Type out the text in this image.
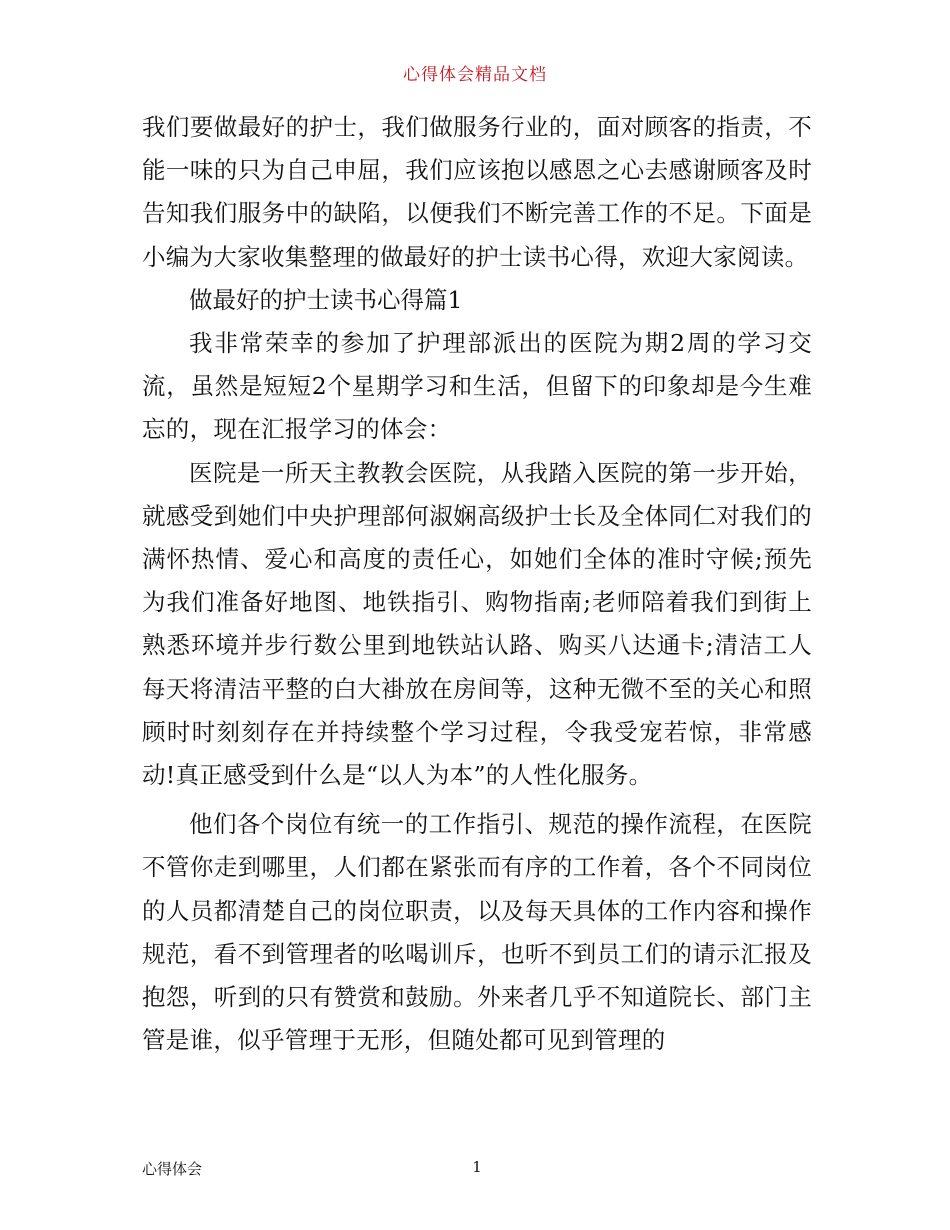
心得体会精品文档

我们要做最好的护士，我们做服务行业的，面对顾客的指责，不能一味的只为自己申屈，我们应该抱以感恩之心去感谢顾客及时告知我们服务中的缺陷，以便我们不断完善工作的不足。下面是小编为大家收集整理的做最好的护士读书心得，欢迎大家阅读。

做最好的护士读书心得篇1

我非常荣幸的参加了护理部派出的医院为期2周的学习交流，虽然是短短2个星期学习和生活，但留下的印象却是今生难忘的，现在汇报学习的体会：

医院是一所天主教教会医院，从我踏入医院的第一步开始，就感受到她们中央护理部何淑娴高级护士长及全体同仁对我们的满怀热情、爱心和高度的责任心，如她们全体的准时守候;预先为我们准备好地图、地铁指引、购物指南;老师陪着我们到街上熟悉环境并步行数公里到地铁站认路、购买八达通卡;清洁工人每天将清洁平整的白大褂放在房间等，这种无微不至的关心和照顾时时刻刻存在并持续整个学习过程，令我受宠若惊，非常感动!真正感受到什么是“以人为本”的人性化服务。

他们各个岗位有统一的工作指引、规范的操作流程，在医院不管你走到哪里，人们都在紧张而有序的工作着，各个不同岗位的人员都清楚自己的岗位职责，以及每天具体的工作内容和操作规范，看不到管理者的吆喝训斥，也听不到员工们的请示汇报及抱怨，听到的只有赞赏和鼓励。外来者几乎不知道院长、部门主管是谁，似乎管理于无形，但随处都可见到管理的

心得体会	1
